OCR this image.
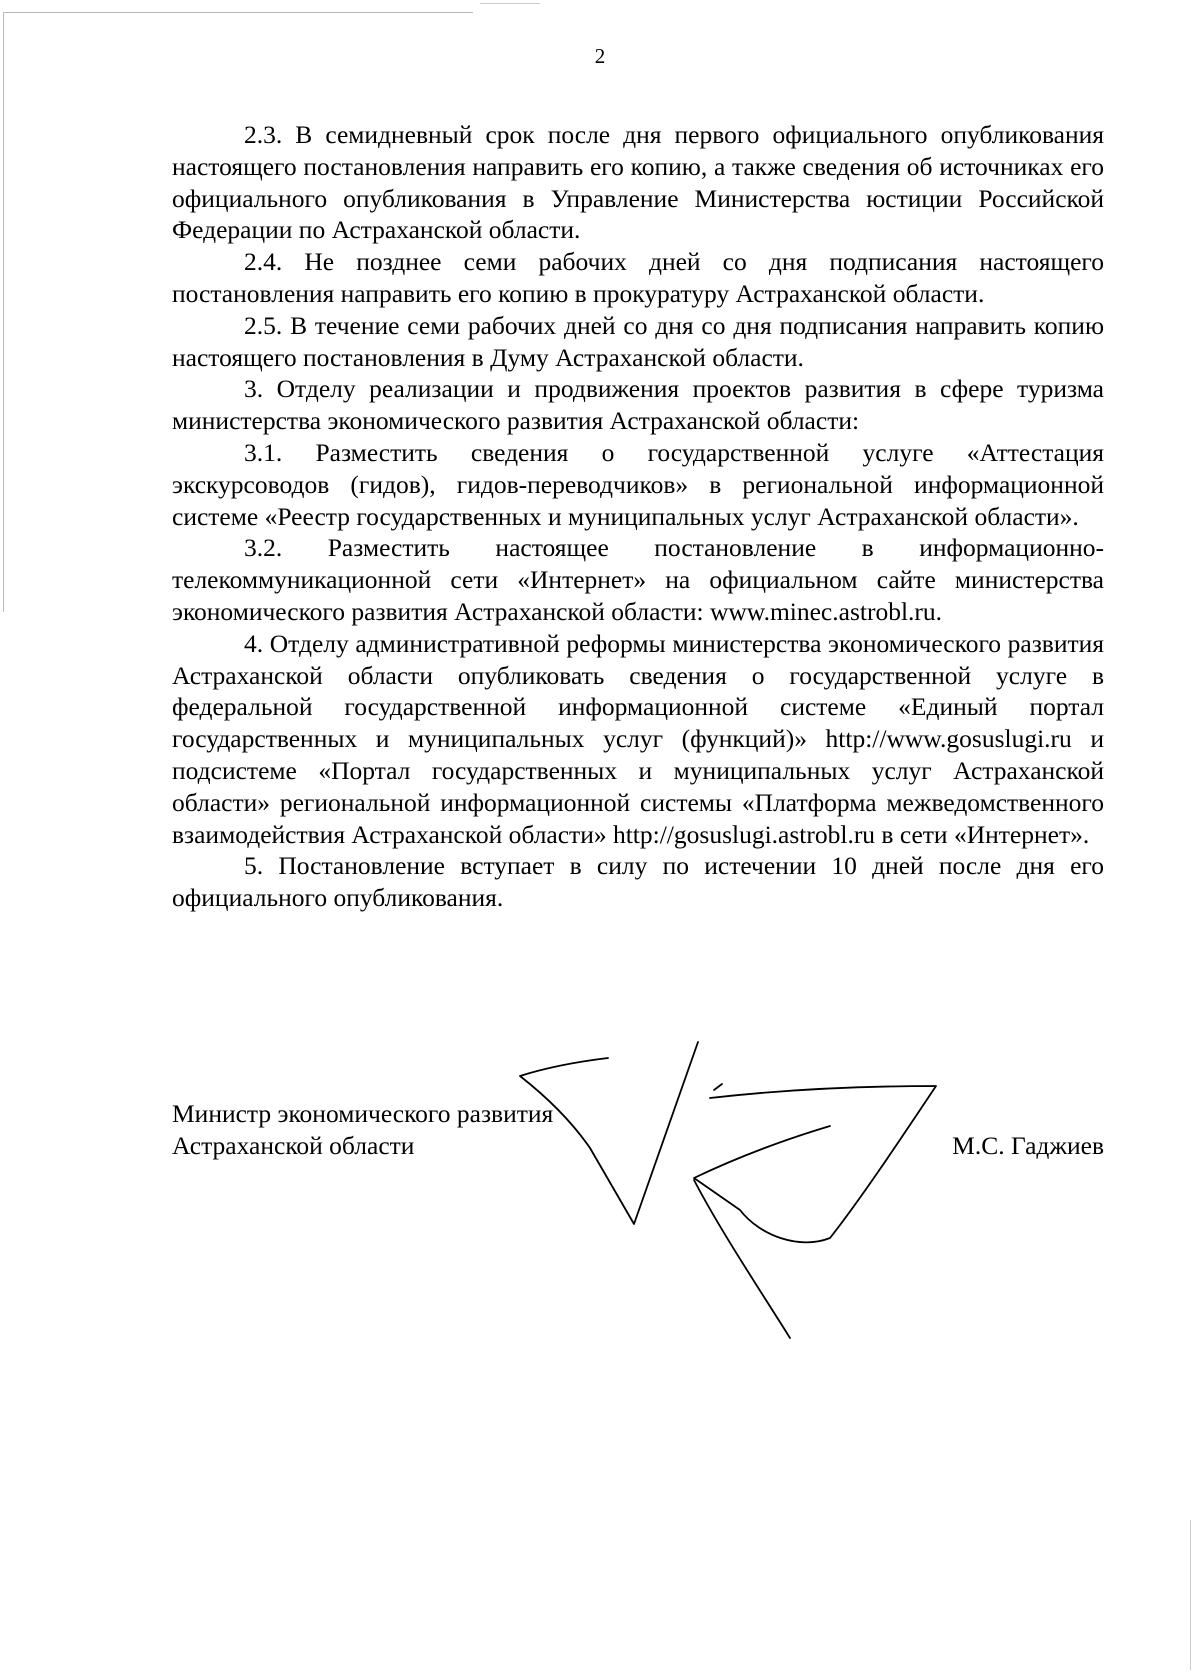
2

2.3. В семидневный срок после дня первого официального опубликования настоящего постановления направить его копию, а также сведения об источниках его официального опубликования в Управление Министерства юстиции Российской Федерации по Астраханской области.

2.4. Не позднее семи рабочих дней со дня подписания настоящего постановления направить его копию в прокуратуру Астраханской области.

2.5. В течение семи рабочих дней со дня со дня подписания направить копию настоящего постановления в Думу Астраханской области.

3. Отделу реализации и продвижения проектов развития в сфере туризма министерства экономического развития Астраханской области:

3.1. Разместить сведения о государственной услуге «Аттестация экскурсоводов (гидов), гидов-переводчиков» в региональной информационной системе «Реестр государственных и муниципальных услуг Астраханской области».

3.2. Разместить настоящее постановление в информационно-телекоммуникационной сети «Интернет» на официальном сайте министерства экономического развития Астраханской области: www.minec.astrobl.ru.

4. Отделу административной реформы министерства экономического развития Астраханской области опубликовать сведения о государственной услуге в федеральной государственной информационной системе «Единый портал государственных и муниципальных услуг (функций)» http://www.gosuslugi.ru и подсистеме «Портал государственных и муниципальных услуг Астраханской области» региональной информационной системы «Платформа межведомственного взаимодействия Астраханской области» http://gosuslugi.astrobl.ru в сети «Интернет».

5. Постановление вступает в силу по истечении 10 дней после дня его официального опубликования.

Министр экономического развития
Астраханской области	М.С. Гаджиев
